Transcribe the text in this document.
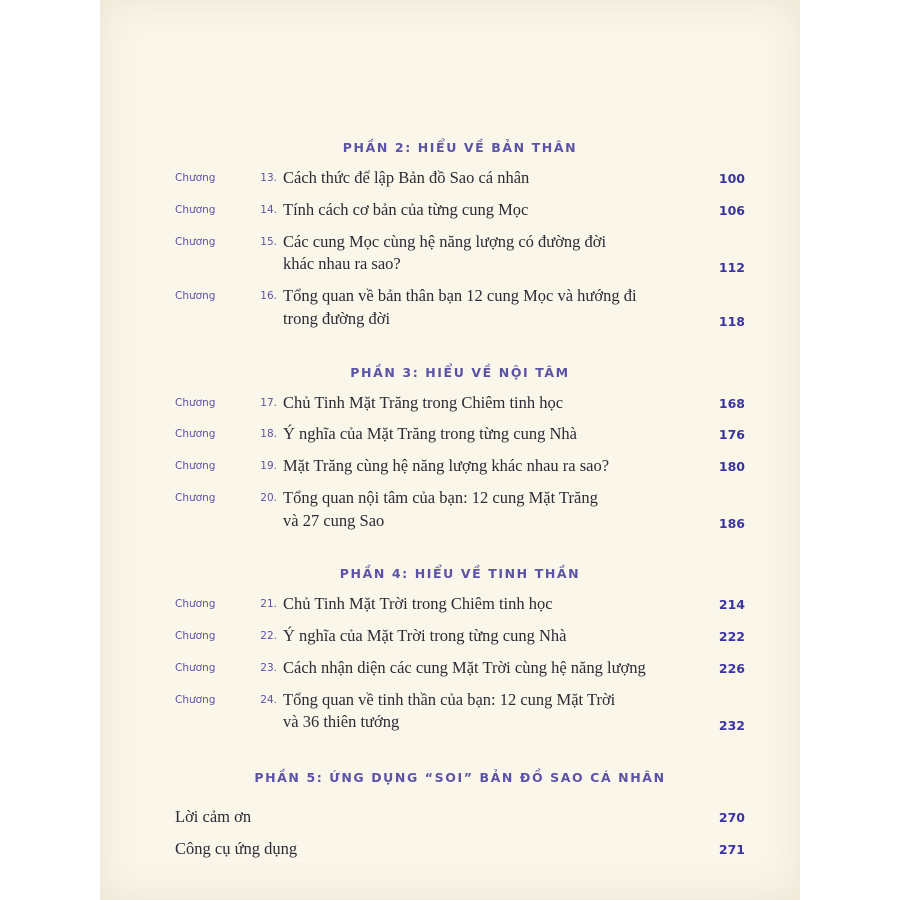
PHẦN 2: HIỂU VỀ BẢN THÂN
Chương	13. Cách thức để lập Bản đồ Sao cá nhân	100
Chương	14. Tính cách cơ bản của từng cung Mọc	106
Chương	15. Các cung Mọc cùng hệ năng lượng có đường đời
khác nhau ra sao?	112
Chương	16. Tổng quan về bản thân bạn 12 cung Mọc và hướng đi
trong đường đời	118
PHẦN 3: HIỂU VỀ NỘI TÂM
Chương	17. Chủ Tinh Mặt Trăng trong Chiêm tinh học	168
Chương	18. Ý nghĩa của Mặt Trăng trong từng cung Nhà	176
Chương	19. Mặt Trăng cùng hệ năng lượng khác nhau ra sao?	180
Chương	20. Tổng quan nội tâm của bạn: 12 cung Mặt Trăng
và 27 cung Sao	186
PHẦN 4: HIỂU VỀ TINH THẦN
Chương	21. Chủ Tinh Mặt Trời trong Chiêm tinh học	214
Chương	22. Ý nghĩa của Mặt Trời trong từng cung Nhà	222
Chương	23. Cách nhận diện các cung Mặt Trời cùng hệ năng lượng	226
Chương	24. Tổng quan về tinh thần của bạn: 12 cung Mặt Trời
và 36 thiên tướng	232
PHẦN 5: ỨNG DỤNG “SOI” BẢN ĐỒ SAO CÁ NHÂN
Lời cảm ơn	270
Công cụ ứng dụng	271
